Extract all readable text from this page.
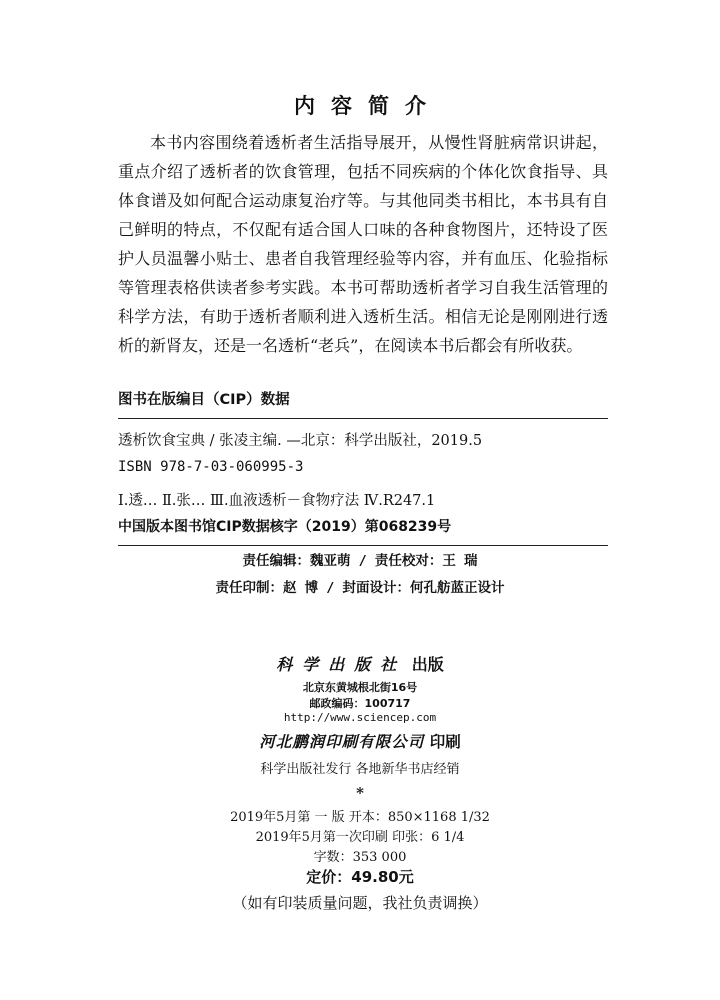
内容简介

本书内容围绕着透析者生活指导展开，从慢性肾脏病常识讲起，重点介绍了透析者的饮食管理，包括不同疾病的个体化饮食指导、具体食谱及如何配合运动康复治疗等。与其他同类书相比，本书具有自己鲜明的特点，不仅配有适合国人口味的各种食物图片，还特设了医护人员温馨小贴士、患者自我管理经验等内容，并有血压、化验指标等管理表格供读者参考实践。本书可帮助透析者学习自我生活管理的科学方法，有助于透析者顺利进入透析生活。相信无论是刚刚进行透析的新肾友，还是一名透析“老兵”，在阅读本书后都会有所收获。

图书在版编目（CIP）数据
透析饮食宝典 / 张凌主编. —北京：科学出版社，2019.5
ISBN 978-7-03-060995-3
Ⅰ.透… Ⅱ.张… Ⅲ.血液透析－食物疗法 Ⅳ.R247.1
中国版本图书馆CIP数据核字（2019）第068239号
责任编辑：魏亚萌 / 责任校对：王 瑞
责任印制：赵 博 / 封面设计：何孔舫蓝正设计
科学出版社 出版
北京东黄城根北街16号
邮政编码：100717
http://www.sciencep.com
河北鹏润印刷有限公司 印刷
科学出版社发行 各地新华书店经销
*
2019年5月第 一 版 开本：850×1168 1/32
2019年5月第一次印刷 印张：6 1/4
字数：353 000
定价：49.80元
（如有印装质量问题，我社负责调换）
